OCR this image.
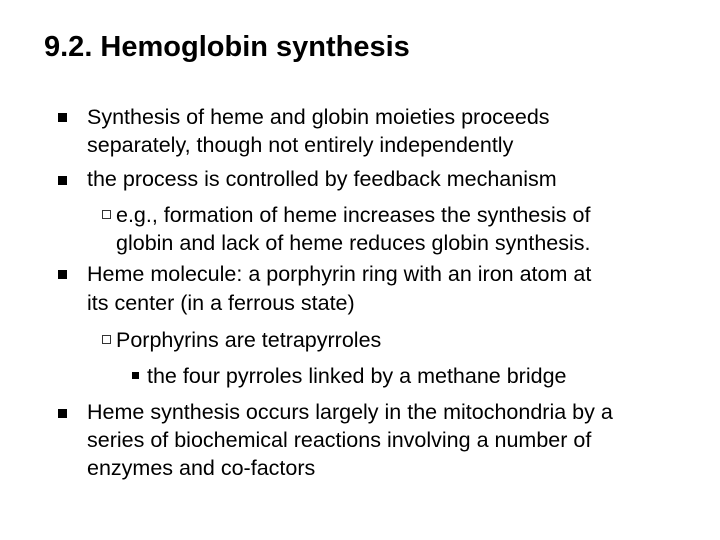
9.2. Hemoglobin synthesis
Synthesis of heme and globin moieties proceeds
separately, though not entirely independently
the process is controlled by feedback mechanism
e.g., formation of heme increases the synthesis of
globin and lack of heme reduces globin synthesis.
Heme molecule: a porphyrin ring with an iron atom at
its center (in a ferrous state)
Porphyrins are tetrapyrroles
the four pyrroles linked by a methane bridge
Heme synthesis occurs largely in the mitochondria by a
series of biochemical reactions involving a number of
enzymes and co-factors
